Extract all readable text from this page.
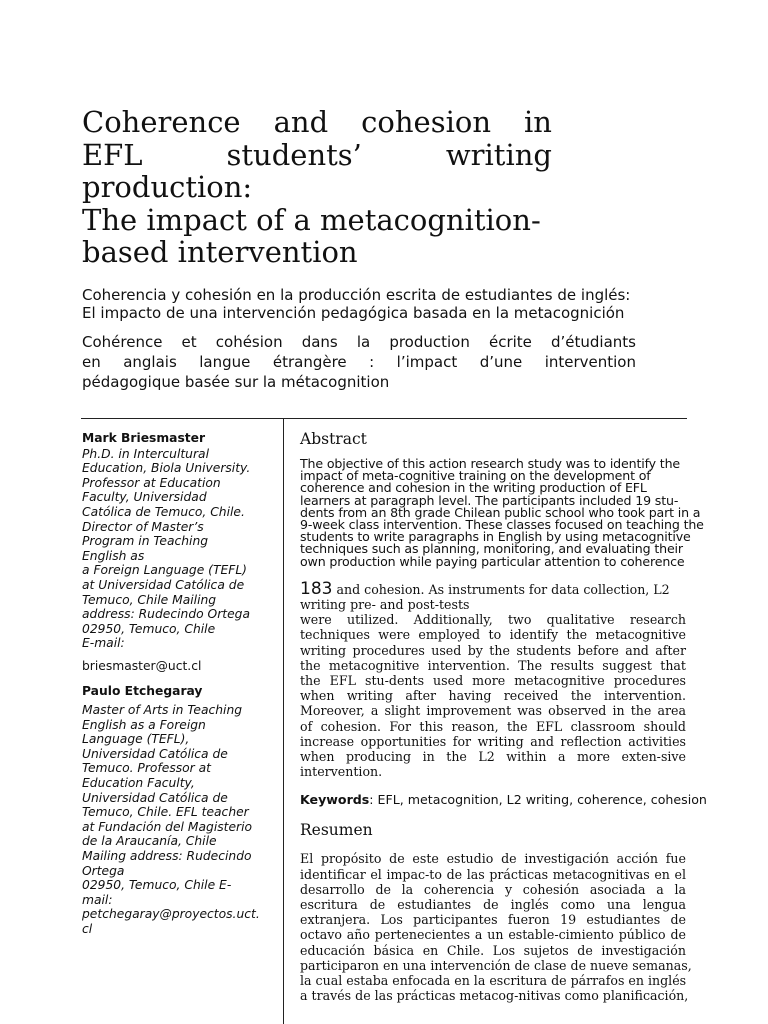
Coherence and cohesion in
EFL	students’	writing
production:
The impact of a metacognition-
based intervention

Coherencia y cohesión en la producción escrita de estudiantes de inglés:
El impacto de una intervención pedagógica basada en la metacognición

Cohérence et cohésion dans la production écrite d’étudiants
en anglais langue étrangère : l’impact d’une intervention
pédagogique basée sur la métacognition

Mark Briesmaster

Ph.D. in Intercultural
Education, Biola University.
Professor at Education
Faculty, Universidad
Católica de Temuco, Chile.
Director of Master’s
Program in Teaching
English as
a Foreign Language (TEFL)
at Universidad Católica de
Temuco, Chile Mailing
address: Rudecindo Ortega
02950, Temuco, Chile
E-mail:

briesmaster@uct.cl

Paulo Etchegaray

Master of Arts in Teaching
English as a Foreign
Language (TEFL),
Universidad Católica de
Temuco. Professor at
Education Faculty,
Universidad Católica de
Temuco, Chile. EFL teacher
at Fundación del Magisterio
de la Araucanía, Chile
Mailing address: Rudecindo
Ortega
02950, Temuco, Chile E-
mail:
petchegaray@proyectos.uct.
cl

Abstract

The objective of this action research study was to identify the
impact of meta-cognitive training on the development of
coherence and cohesion in the writing production of EFL
learners at paragraph level. The participants included 19 stu-
dents from an 8th grade Chilean public school who took part in a
9-week class intervention. These classes focused on teaching the
students to write paragraphs in English by using metacognitive
techniques such as planning, monitoring, and evaluating their
own production while paying particular attention to coherence

183 and cohesion. As instruments for data collection, L2
writing pre- and post-tests
were utilized. Additionally, two qualitative research
techniques were employed to identify the metacognitive
writing procedures used by the students before and after
the metacognitive intervention. The results suggest that
the EFL stu-dents used more metacognitive procedures
when writing after having received the intervention.
Moreover, a slight improvement was observed in the area
of cohesion. For this reason, the EFL classroom should
increase opportunities for writing and reflection activities
when producing in the L2 within a more exten-sive
intervention.

Keywords: EFL, metacognition, L2 writing, coherence, cohesion

Resumen

El propósito de este estudio de investigación acción fue
identificar el impac-to de las prácticas metacognitivas en el
desarrollo de la coherencia y cohesión asociada a la
escritura de estudiantes de inglés como una lengua
extranjera. Los participantes fueron 19 estudiantes de
octavo año pertenecientes a un estable-cimiento público de
educación básica en Chile. Los sujetos de investigación
participaron en una intervención de clase de nueve semanas,
la cual estaba enfocada en la escritura de párrafos en inglés
a través de las prácticas metacog-nitivas como planificación,
